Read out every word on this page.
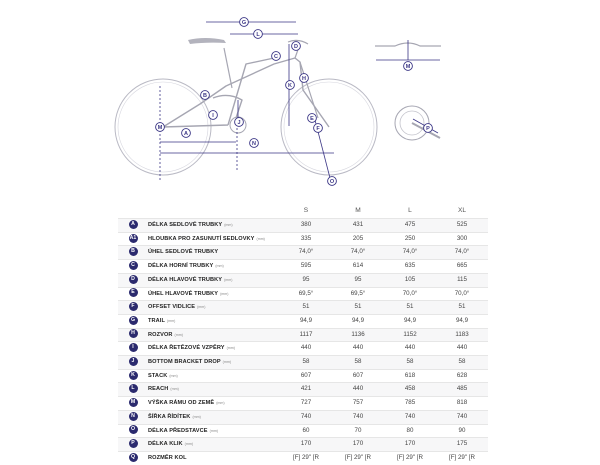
G
L
B
K
H
D
E
C
I
J
A
F
N
M
O
M
P
		S	M	L	XL
A	DÉLKA SEDLOVÉ TRUBKY (mm)	380	431	475	525
A1	HLOUBKA PRO ZASUNUTÍ SEDLOVKY (mm)	335	205	250	300
B	ÚHEL SEDLOVÉ TRUBKY	74,0°	74,0°	74,0°	74,0°
C	DÉLKA HORNÍ TRUBKY (mm)	595	614	635	665
D	DÉLKA HLAVOVÉ TRUBKY (mm)	95	95	105	115
E	ÚHEL HLAVOVÉ TRUBKY (mm)	69,5°	69,5°	70,0°	70,0°
F	OFFSET VIDLICE (mm)	51	51	51	51
G	TRAIL (mm)	94,9	94,9	94,9	94,9
H	ROZVOR (mm)	1117	1136	1152	1183
I	DÉLKA ŘETĚZOVÉ VZPĚRY (mm)	440	440	440	440
J	BOTTOM BRACKET DROP (mm)	58	58	58	58
K	STACK (mm)	607	607	618	628
L	REACH (mm)	421	440	458	485
M	VÝŠKA RÁMU OD ZEMĚ (mm)	727	757	785	818
N	ŠÍŘKA ŘÍDÍTEK (mm)	740	740	740	740
O	DÉLKA PŘEDSTAVCE (mm)	60	70	80	90
P	DÉLKA KLIK (mm)	170	170	170	175
Q	ROZMĚR KOL	[F] 29" [R	[F] 29" [R	[F] 29" [R	[F] 29" [R
